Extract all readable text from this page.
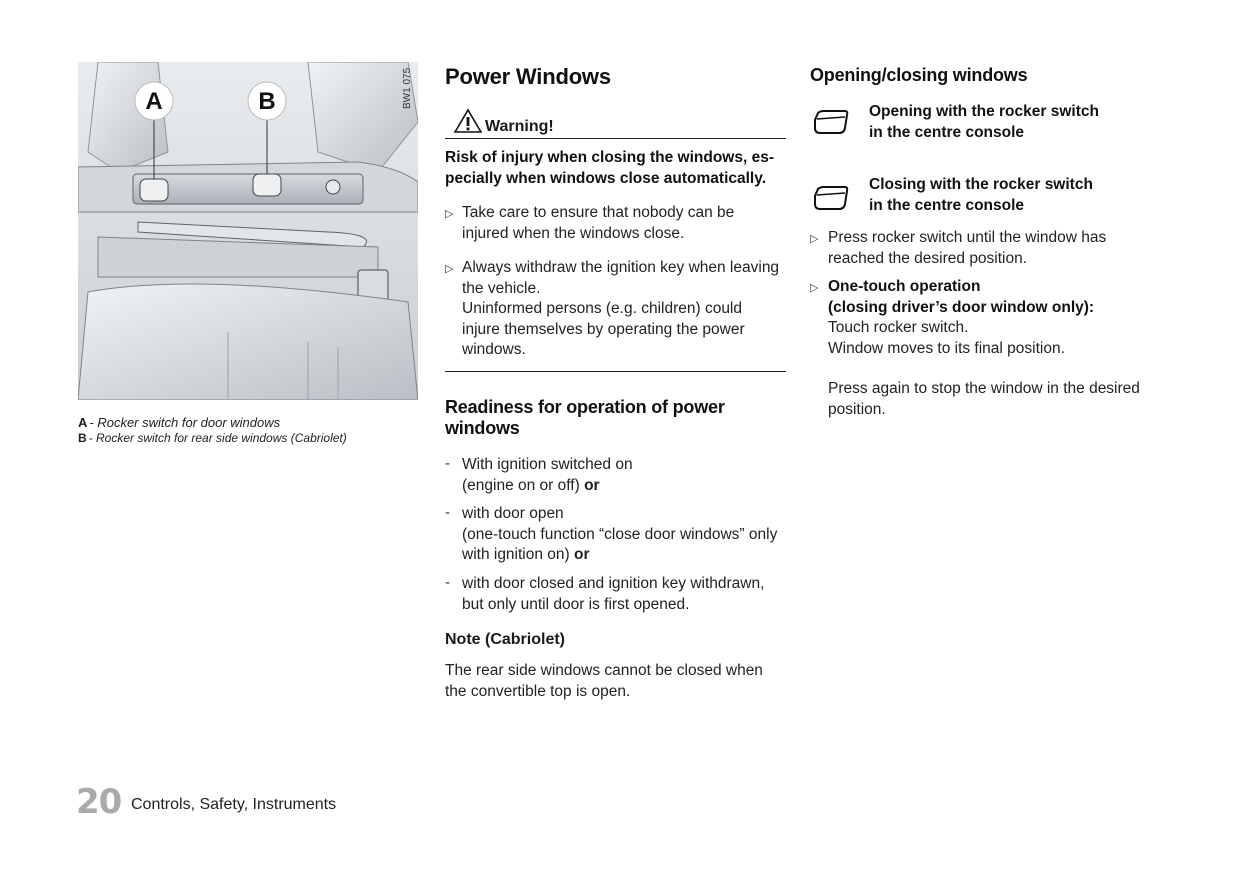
A	B	BW1 075
A - Rocker switch for door windows
B - Rocker switch for rear side windows (Cabriolet)
Power Windows
Warning!
Risk of injury when closing the windows, es-
pecially when windows close automatically.
▷ Take care to ensure that nobody can be
injured when the windows close.
▷ Always withdraw the ignition key when leaving
the vehicle.
Uninformed persons (e.g. children) could
injure themselves by operating the power
windows.
Readiness for operation of power
windows
- With ignition switched on
(engine on or off) or
- with door open
(one-touch function “close door windows” only
with ignition on) or
- with door closed and ignition key withdrawn,
but only until door is first opened.
Note (Cabriolet)
The rear side windows cannot be closed when
the convertible top is open.
Opening/closing windows
Opening with the rocker switch
in the centre console
Closing with the rocker switch
in the centre console
▷ Press rocker switch until the window has
reached the desired position.
▷ One-touch operation
(closing driver’s door window only):
Touch rocker switch.
Window moves to its final position.
Press again to stop the window in the desired
position.
20 Controls, Safety, Instruments
